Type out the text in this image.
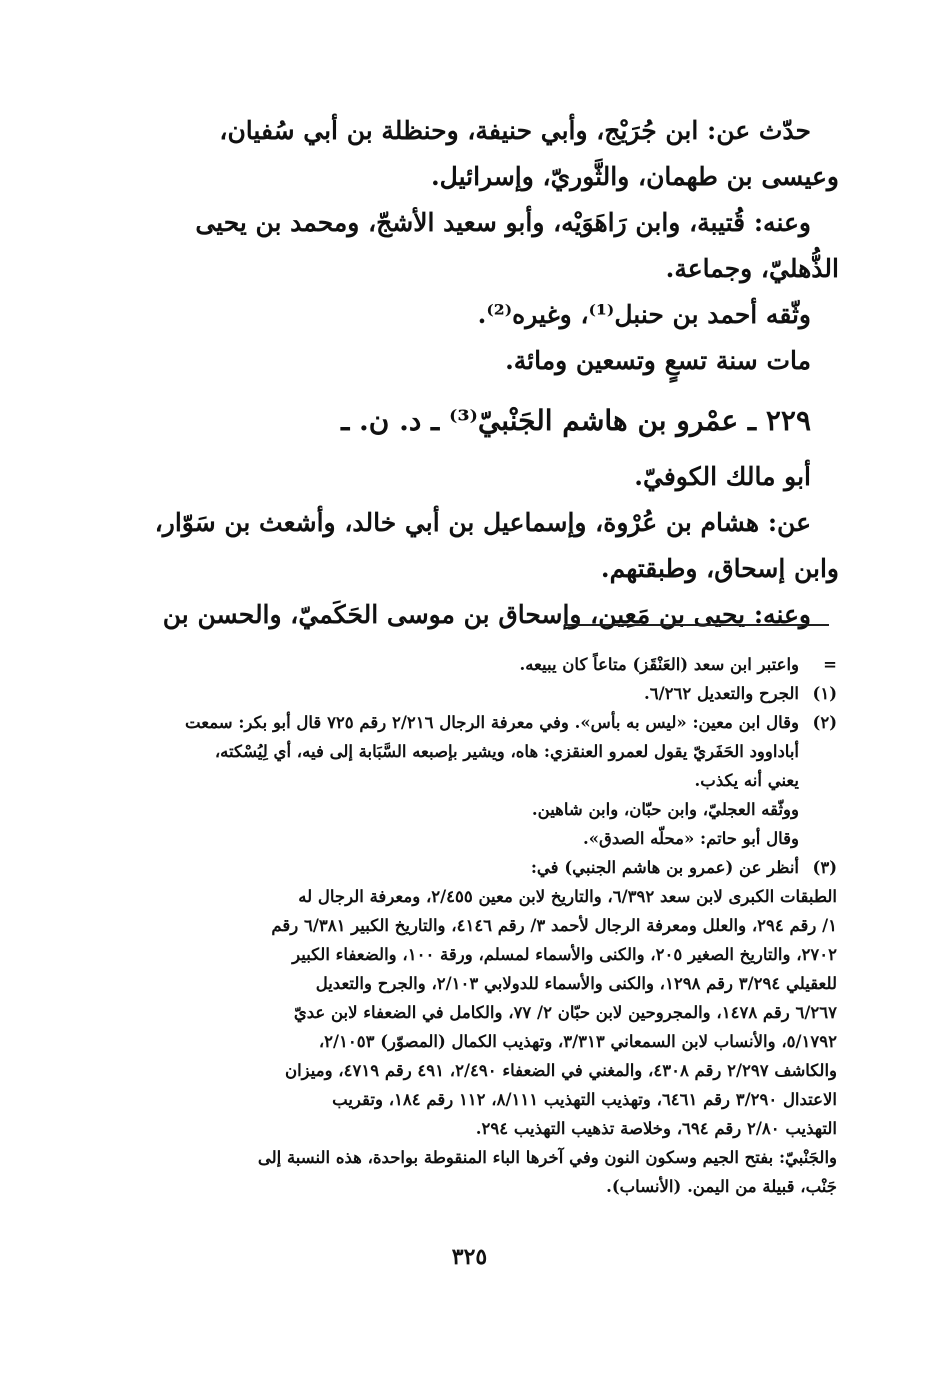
حدّث عن: ابن جُرَيْج، وأبي حنيفة، وحنظلة بن أبي سُفيان،

وعيسى بن طهمان، والثَّوريّ، وإسرائيل.

وعنه: قُتيبة، وابن رَاهَوَيْه، وأبو سعيد الأشجّ، ومحمد بن يحيى

الذُّهليّ، وجماعة.

وثّقه أحمد بن حنبل⁽¹⁾، وغيره⁽²⁾.

مات سنة تسعٍ وتسعين ومائة.

٢٢٩ ـ عمْرو بن هاشم الجَنْبيّ⁽³⁾ ـ د. ن. ـ

أبو مالك الكوفيّ.

عن: هشام بن عُرْوة، وإسماعيل بن أبي خالد، وأشعث بن سَوّار،

وابن إسحاق، وطبقتهم.

وعنه: يحيى بن مَعِين، وإسحاق بن موسى الحَكَميّ، والحسن بن

=
واعتبر ابن سعد (العَنْقَز) متاعاً كان يبيعه.
(١)
الجرح والتعديل ٦/٢٦٢.
(٢)
وقال ابن معين: «ليس به بأس». وفي معرفة الرجال ٢/٢١٦ رقم ٧٢٥ قال أبو بكر: سمعت
أباداوود الحَفَريّ يقول لعمرو العنقزي: هاه، ويشير بإصبعه السَّبَابة إلى فيه، أي لِيُسْكته،
يعني أنه يكذب.
ووثّقه العجليّ، وابن حبّان، وابن شاهين.
وقال أبو حاتم: «محلّه الصدق».
(٣)
أنظر عن (عمرو بن هاشم الجنبي) في:
الطبقات الكبرى لابن سعد ٦/٣٩٢، والتاريخ لابن معين ٢/٤٥٥، ومعرفة الرجال له
١/ رقم ٢٩٤، والعلل ومعرفة الرجال لأحمد ٣/ رقم ٤١٤٦، والتاريخ الكبير ٦/٣٨١ رقم
٢٧٠٢، والتاريخ الصغير ٢٠٥، والكنى والأسماء لمسلم، ورقة ١٠٠، والضعفاء الكبير
للعقيلي ٣/٢٩٤ رقم ١٢٩٨، والكنى والأسماء للدولابي ٢/١٠٣، والجرح والتعديل
٦/٢٦٧ رقم ١٤٧٨، والمجروحين لابن حبّان ٢/ ٧٧، والكامل في الضعفاء لابن عديّ
٥/١٧٩٢، والأنساب لابن السمعاني ٣/٣١٣، وتهذيب الكمال (المصوّر) ٢/١٠٥٣،
والكاشف ٢/٢٩٧ رقم ٤٣٠٨، والمغني في الضعفاء ٢/٤٩٠، ٤٩١ رقم ٤٧١٩، وميزان
الاعتدال ٣/٢٩٠ رقم ٦٤٦١، وتهذيب التهذيب ٨/١١١، ١١٢ رقم ١٨٤، وتقريب
التهذيب ٢/٨٠ رقم ٦٩٤، وخلاصة تذهيب التهذيب ٢٩٤.
والجَنْبيّ: بفتح الجيم وسكون النون وفي آخرها الباء المنقوطة بواحدة، هذه النسبة إلى
جَنْب، قبيلة من اليمن. (الأنساب).
٣٢٥
